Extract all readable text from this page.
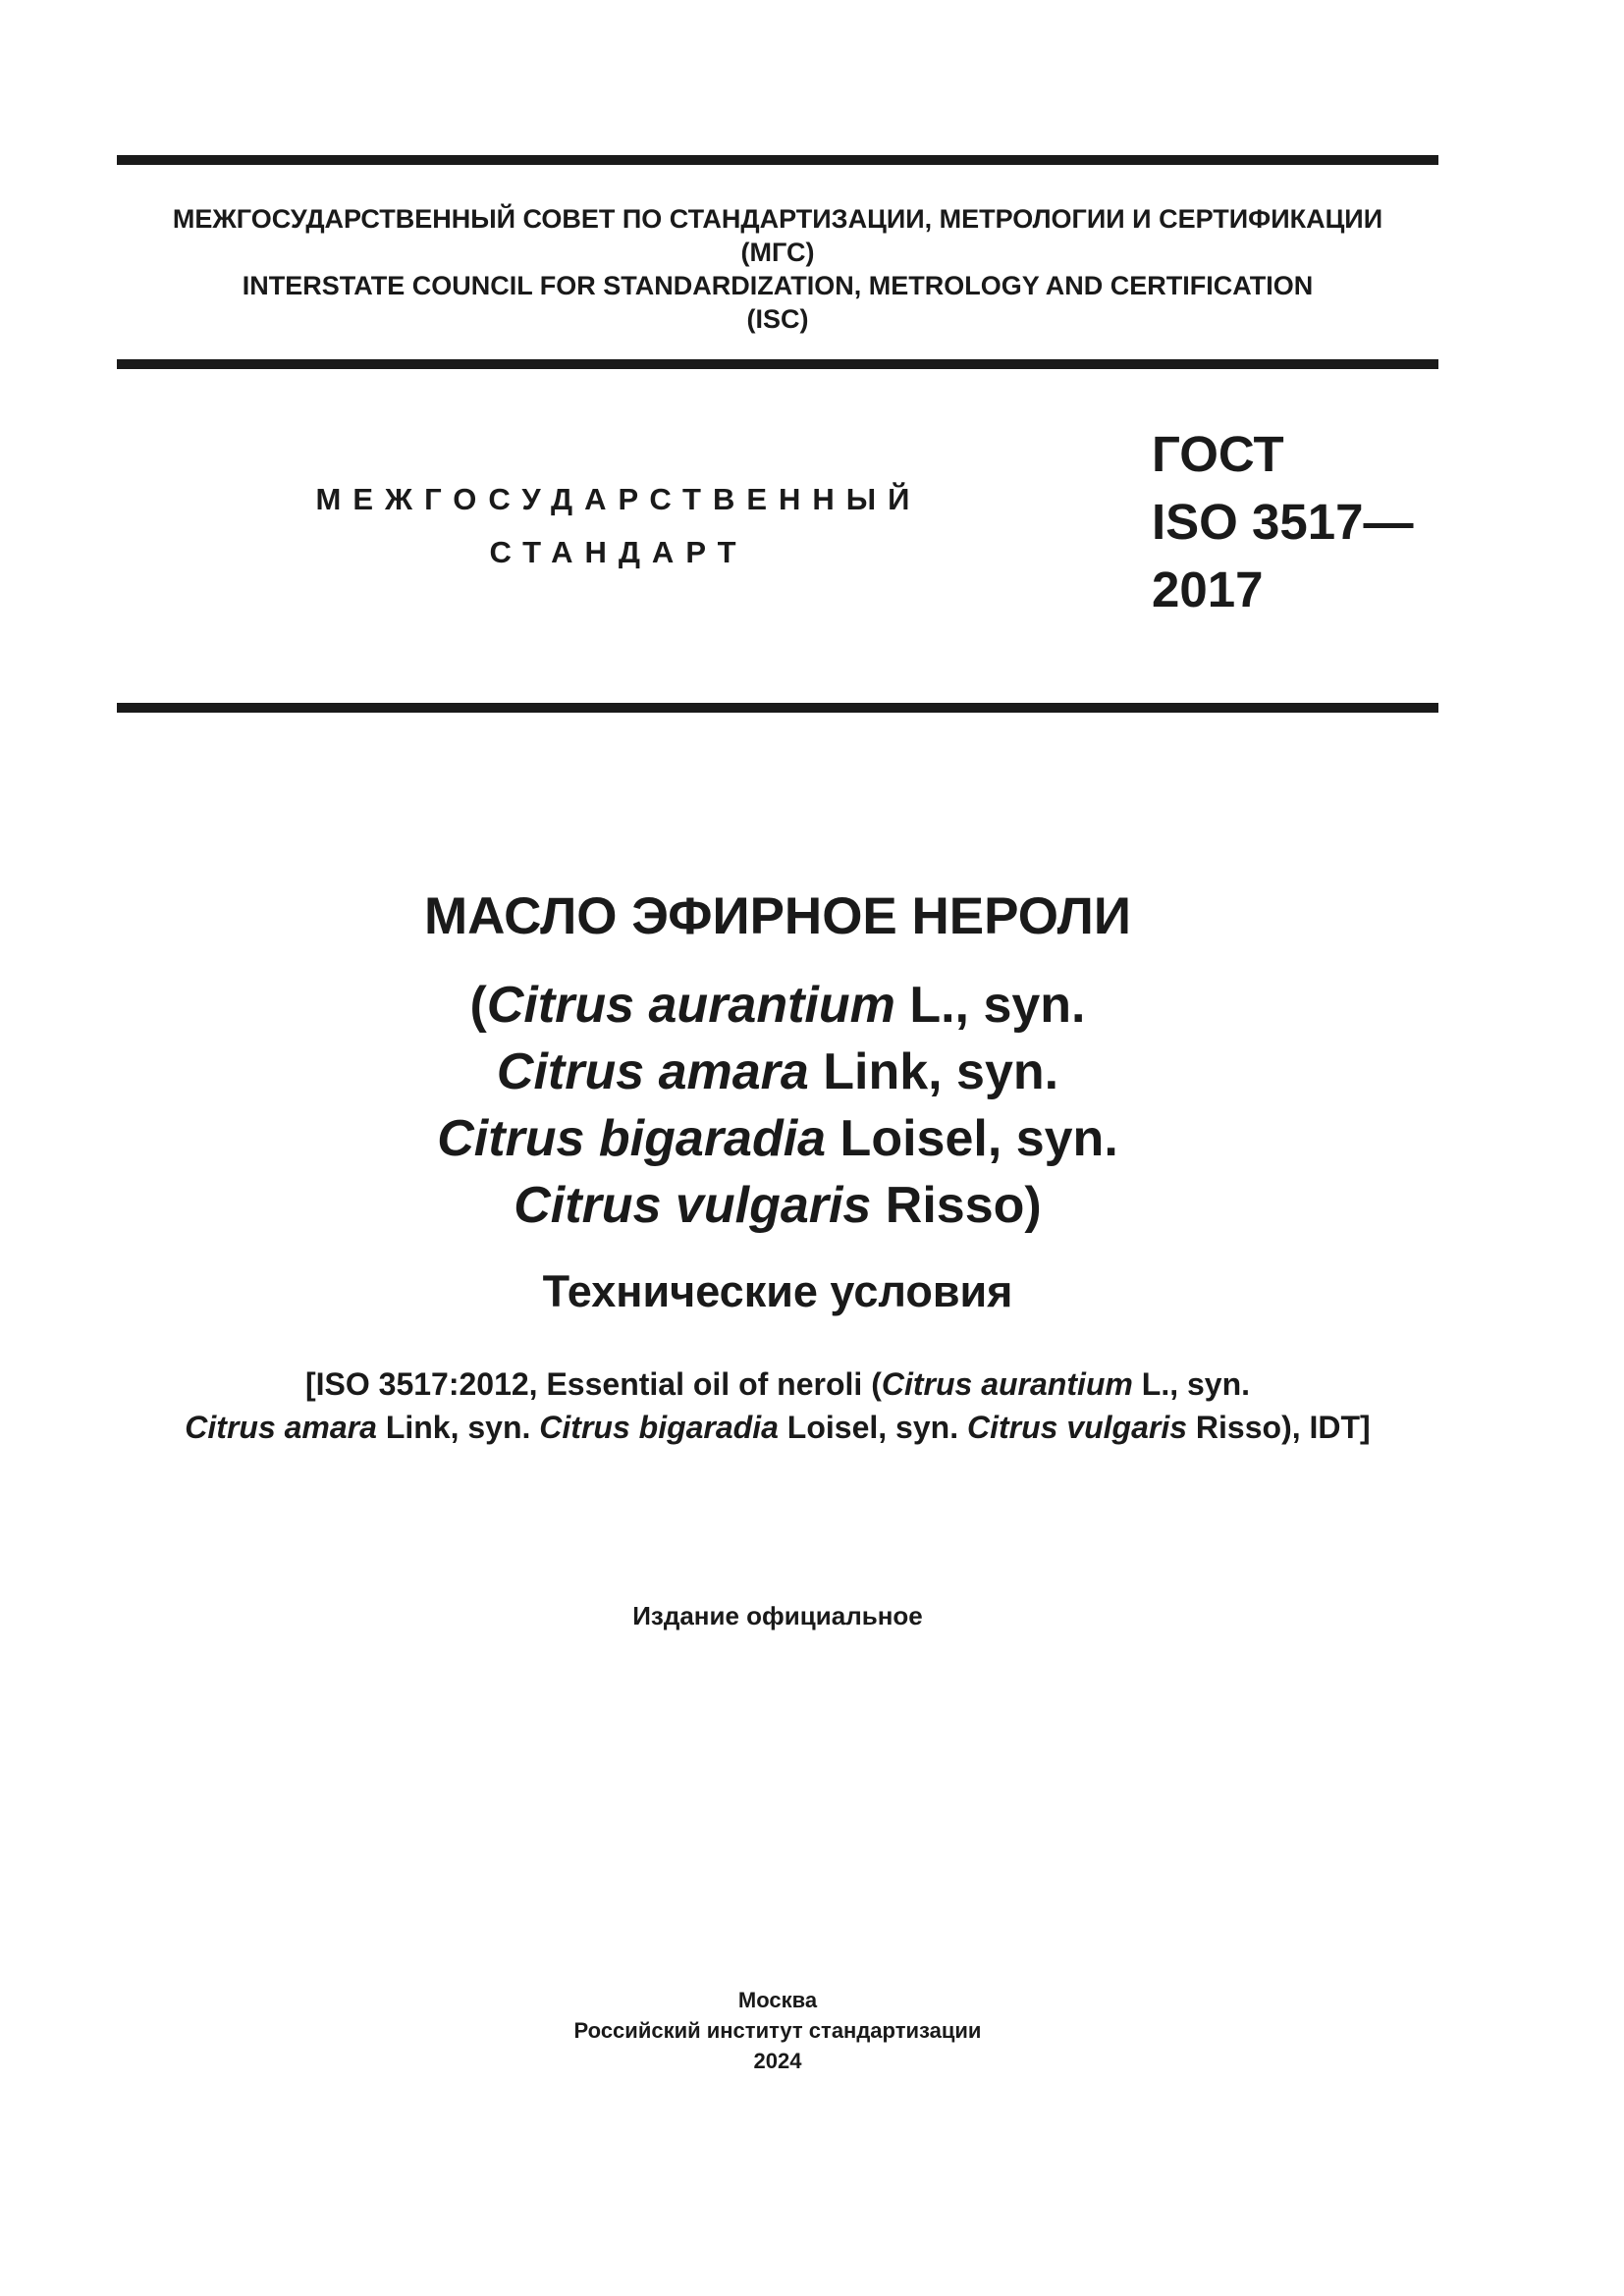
МЕЖГОСУДАРСТВЕННЫЙ СОВЕТ ПО СТАНДАРТИЗАЦИИ, МЕТРОЛОГИИ И СЕРТИФИКАЦИИ
(МГС)
INTERSTATE COUNCIL FOR STANDARDIZATION, METROLOGY AND CERTIFICATION
(ISC)
МЕЖГОСУДАРСТВЕННЫЙ
СТАНДАРТ
ГОСТ
ISO 3517—
2017
МАСЛО ЭФИРНОЕ НЕРОЛИ
(Citrus aurantium L., syn.
Citrus amara Link, syn.
Citrus bigaradia Loisel, syn.
Citrus vulgaris Risso)
Технические условия
[ISO 3517:2012, Essential oil of neroli (Citrus aurantium L., syn.
Citrus amara Link, syn. Citrus bigaradia Loisel, syn. Citrus vulgaris Risso), IDT]
Издание официальное
Москва
Российский институт стандартизации
2024
